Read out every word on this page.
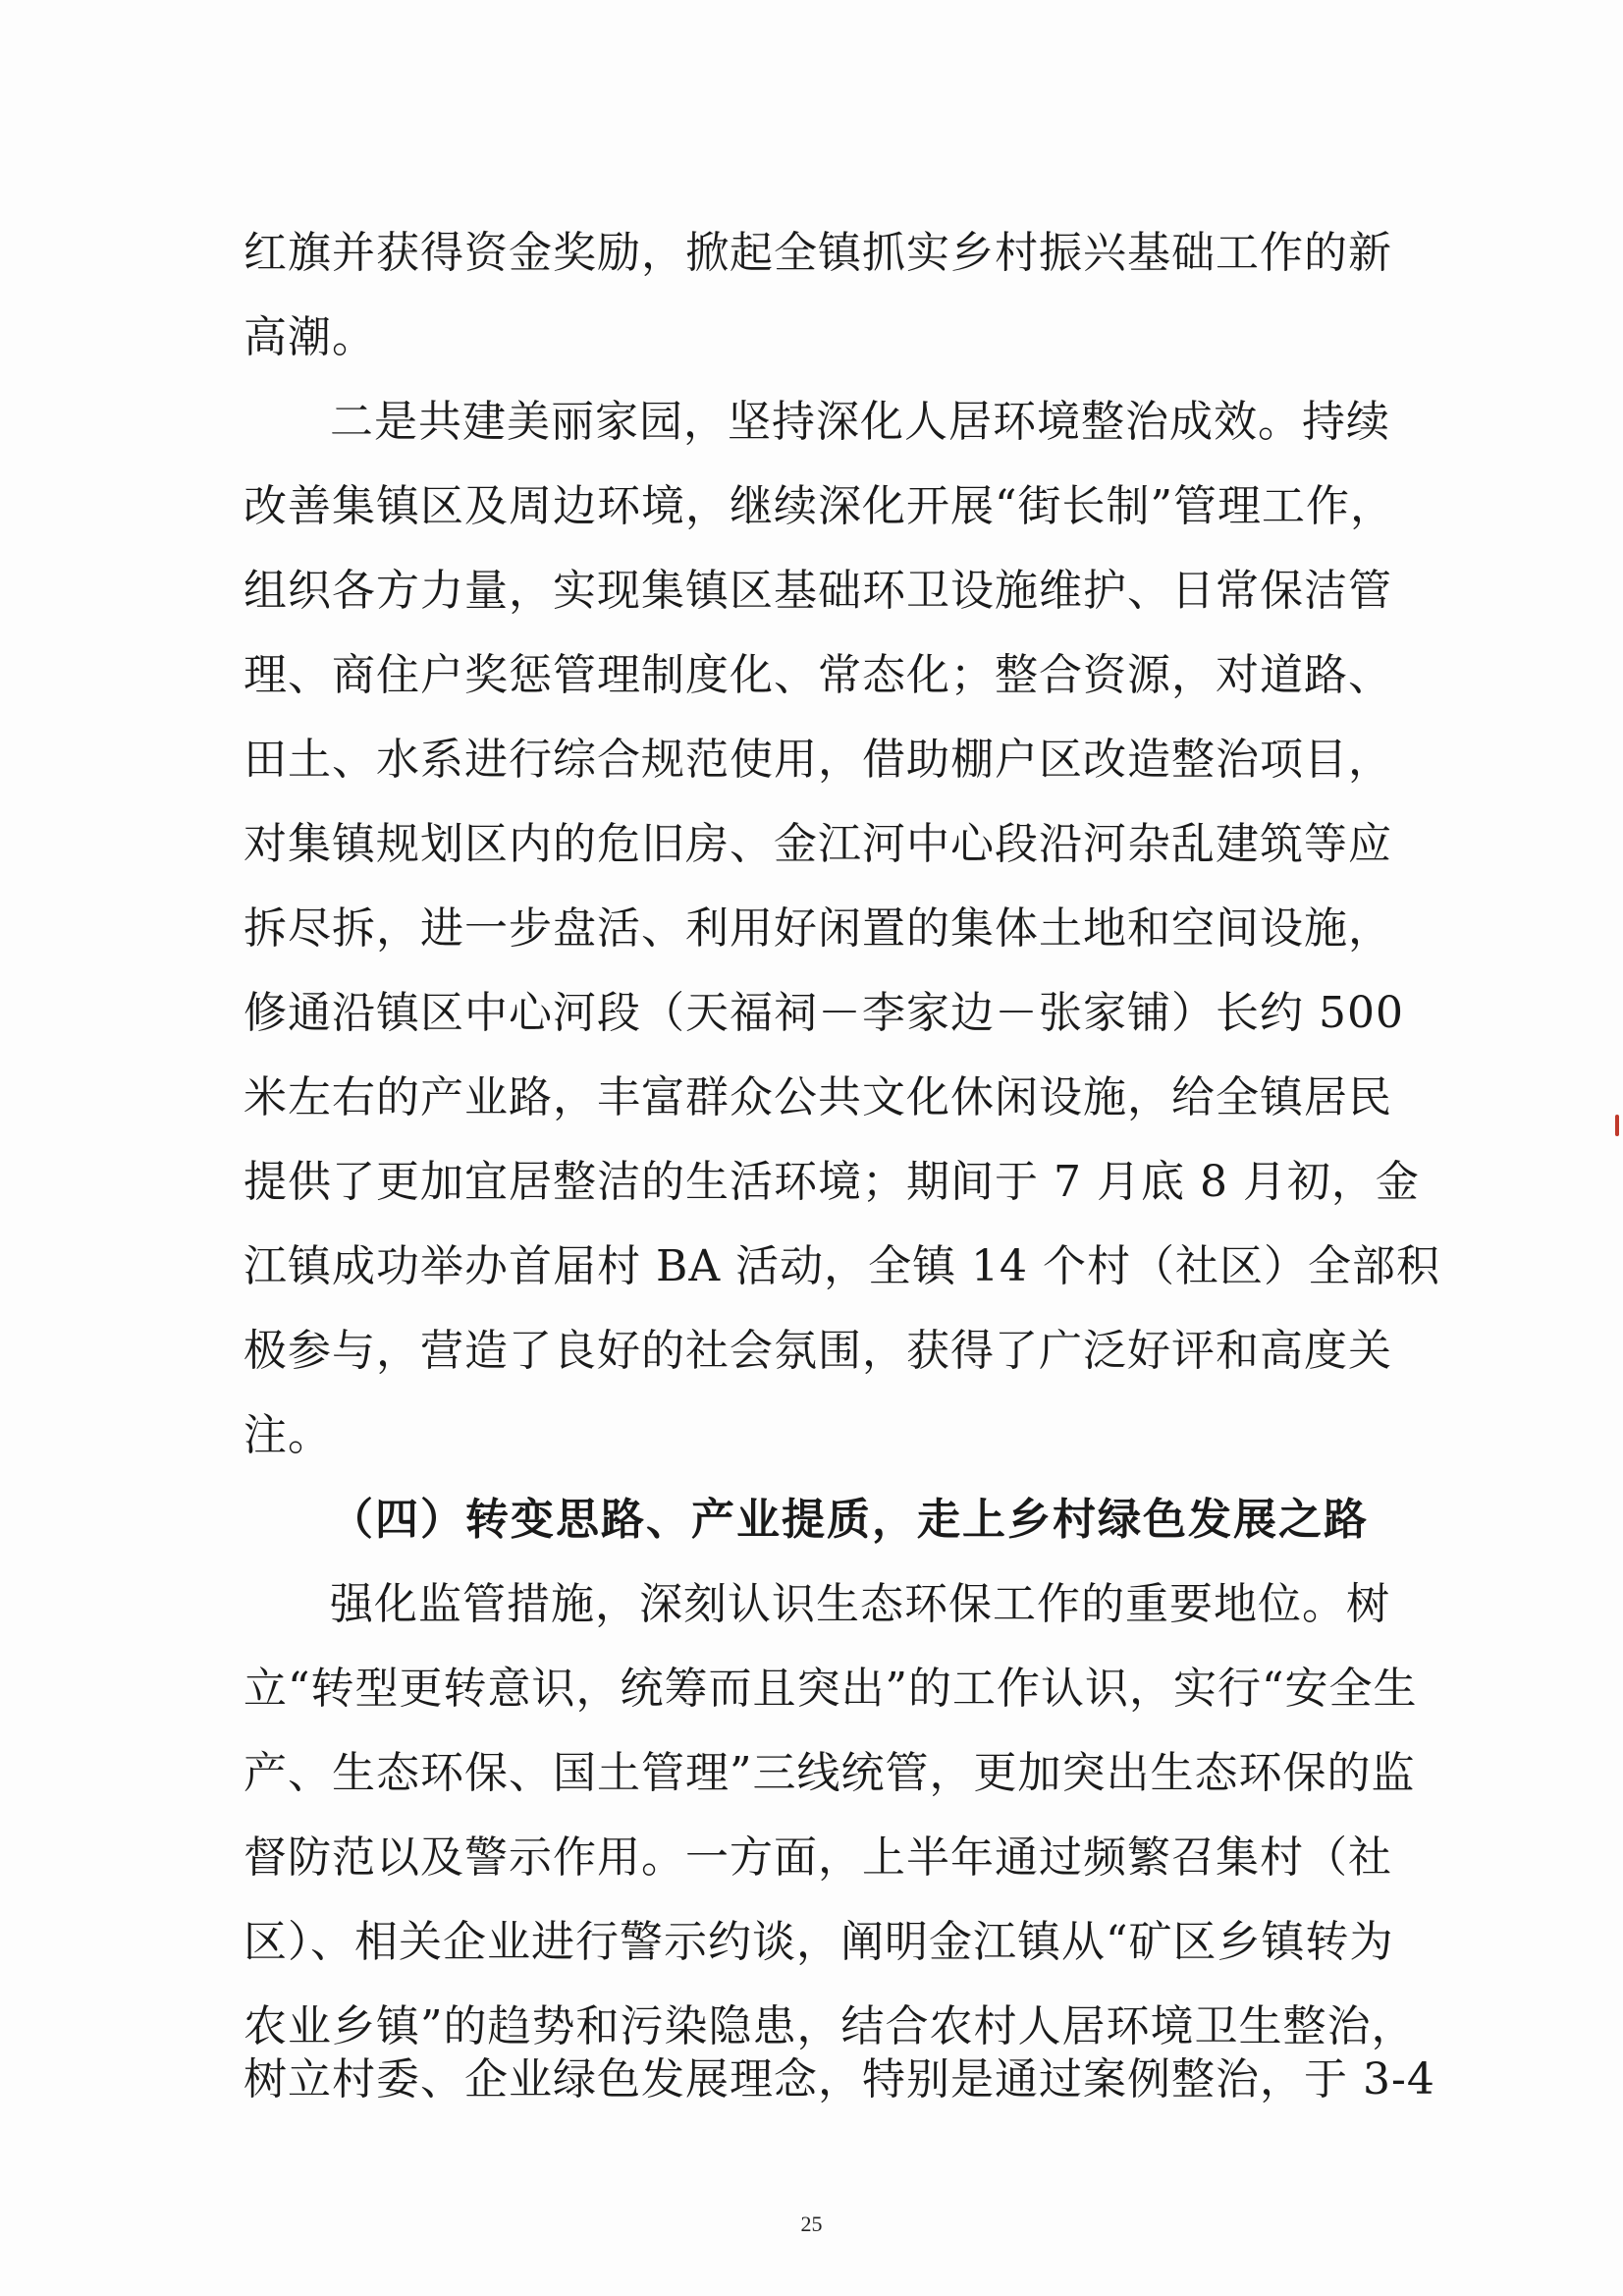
红旗并获得资金奖励，掀起全镇抓实乡村振兴基础工作的新
高潮。
二是共建美丽家园，坚持深化人居环境整治成效。持续
改善集镇区及周边环境，继续深化开展“街长制”管理工作，
组织各方力量，实现集镇区基础环卫设施维护、日常保洁管
理、商住户奖惩管理制度化、常态化；整合资源，对道路、
田土、水系进行综合规范使用，借助棚户区改造整治项目，
对集镇规划区内的危旧房、金江河中心段沿河杂乱建筑等应
拆尽拆，进一步盘活、利用好闲置的集体土地和空间设施，
修通沿镇区中心河段（天福祠－李家边－张家铺）长约 500
米左右的产业路，丰富群众公共文化休闲设施，给全镇居民
提供了更加宜居整洁的生活环境；期间于 7 月底 8 月初，金
江镇成功举办首届村 BA 活动，全镇 14 个村（社区）全部积
极参与，营造了良好的社会氛围，获得了广泛好评和高度关
注。
（四）转变思路、产业提质，走上乡村绿色发展之路
强化监管措施，深刻认识生态环保工作的重要地位。树
立“转型更转意识，统筹而且突出”的工作认识，实行“安全生
产、生态环保、国土管理”三线统管，更加突出生态环保的监
督防范以及警示作用。一方面，上半年通过频繁召集村（社
区）、相关企业进行警示约谈，阐明金江镇从“矿区乡镇转为
农业乡镇”的趋势和污染隐患，结合农村人居环境卫生整治，
树立村委、企业绿色发展理念，特别是通过案例整治，于 3-4
25
